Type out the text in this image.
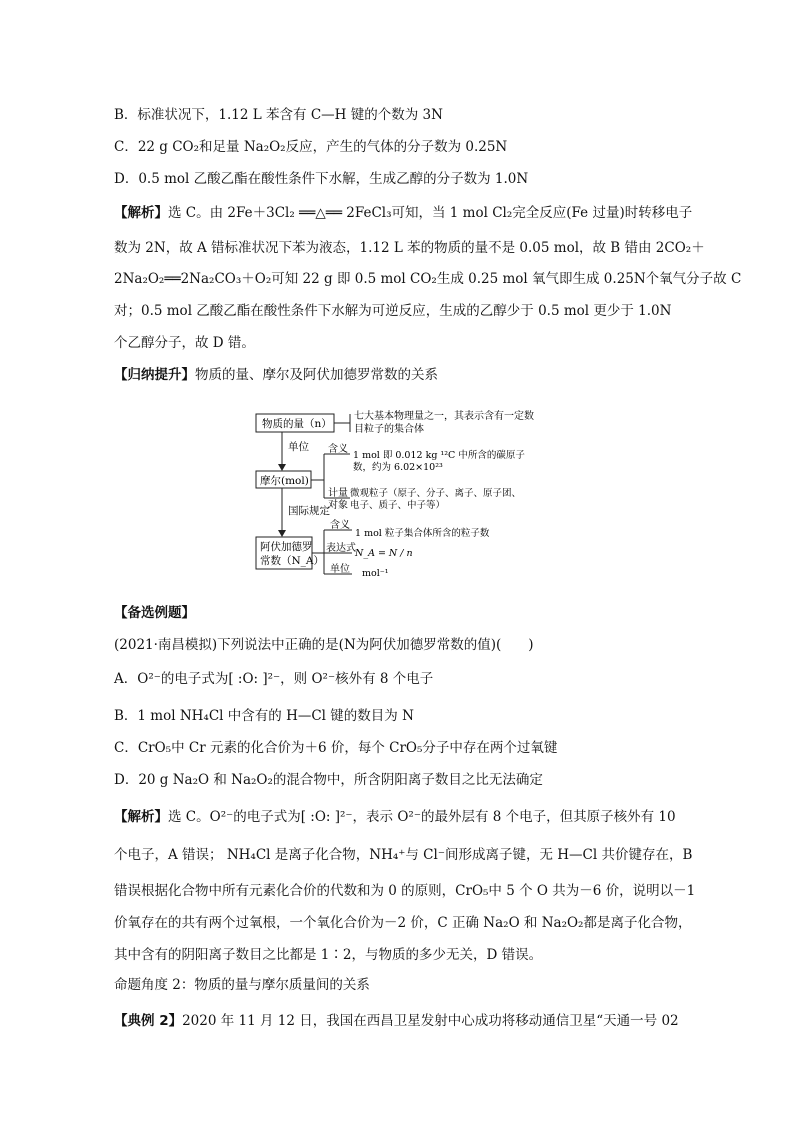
B．标准状况下，1.12 L 苯含有 C—H 键的个数为 3N
C．22 g CO₂和足量 Na₂O₂反应，产生的气体的分子数为 0.25N
D．0.5 mol 乙酸乙酯在酸性条件下水解，生成乙醇的分子数为 1.0N
【解析】选 C。由 2Fe＋3Cl₂ ══△══ 2FeCl₃可知，当 1 mol Cl₂完全反应(Fe 过量)时转移电子
数为 2N，故 A 错标准状况下苯为液态，1.12 L 苯的物质的量不是 0.05 mol，故 B 错由 2CO₂＋
2Na₂O₂══2Na₂CO₃＋O₂可知 22 g 即 0.5 mol CO₂生成 0.25 mol 氧气即生成 0.25N个氧气分子故 C
对；0.5 mol 乙酸乙酯在酸性条件下水解为可逆反应，生成的乙醇少于 0.5 mol 更少于 1.0N
个乙醇分子，故 D 错。
【归纳提升】物质的量、摩尔及阿伏加德罗常数的关系
物质的量（n）
七大基本物理量之一，其表示含有一定数
目粒子的集合体
单位
摩尔(mol)
含义
1 mol 即 0.012 kg ¹²C 中所含的碳原子
数，约为 6.02×10²³
计量 微观粒子（原子、分子、离子、原子团、
电子、质子、中子等）
对象
国际规定
阿伏加德罗
常数（N_A）
含义
1 mol 粒子集合体所含的粒子数
表达式 N_A = N / n
单位 mol⁻¹
【备选例题】
(2021·南昌模拟)下列说法中正确的是(N为阿伏加德罗常数的值)(　　)
A．O²⁻的电子式为[ :O: ]²⁻，则 O²⁻核外有 8 个电子
B．1 mol NH₄Cl 中含有的 H—Cl 键的数目为 N
C．CrO₅中 Cr 元素的化合价为＋6 价，每个 CrO₅分子中存在两个过氧键
D．20 g Na₂O 和 Na₂O₂的混合物中，所含阴阳离子数目之比无法确定
【解析】选 C。O²⁻的电子式为[ :O: ]²⁻，表示 O²⁻的最外层有 8 个电子，但其原子核外有 10
个电子，A 错误； NH₄Cl 是离子化合物，NH₄⁺与 Cl⁻间形成离子键，无 H—Cl 共价键存在，B
错误根据化合物中所有元素化合价的代数和为 0 的原则，CrO₅中 5 个 O 共为－6 价，说明以－1
价氧存在的共有两个过氧根，一个氧化合价为－2 价，C 正确 Na₂O 和 Na₂O₂都是离子化合物，
其中含有的阴阳离子数目之比都是 1∶2，与物质的多少无关，D 错误。
命题角度 2：物质的量与摩尔质量间的关系
【典例 2】2020 年 11 月 12 日，我国在西昌卫星发射中心成功将移动通信卫星“天通一号 02
